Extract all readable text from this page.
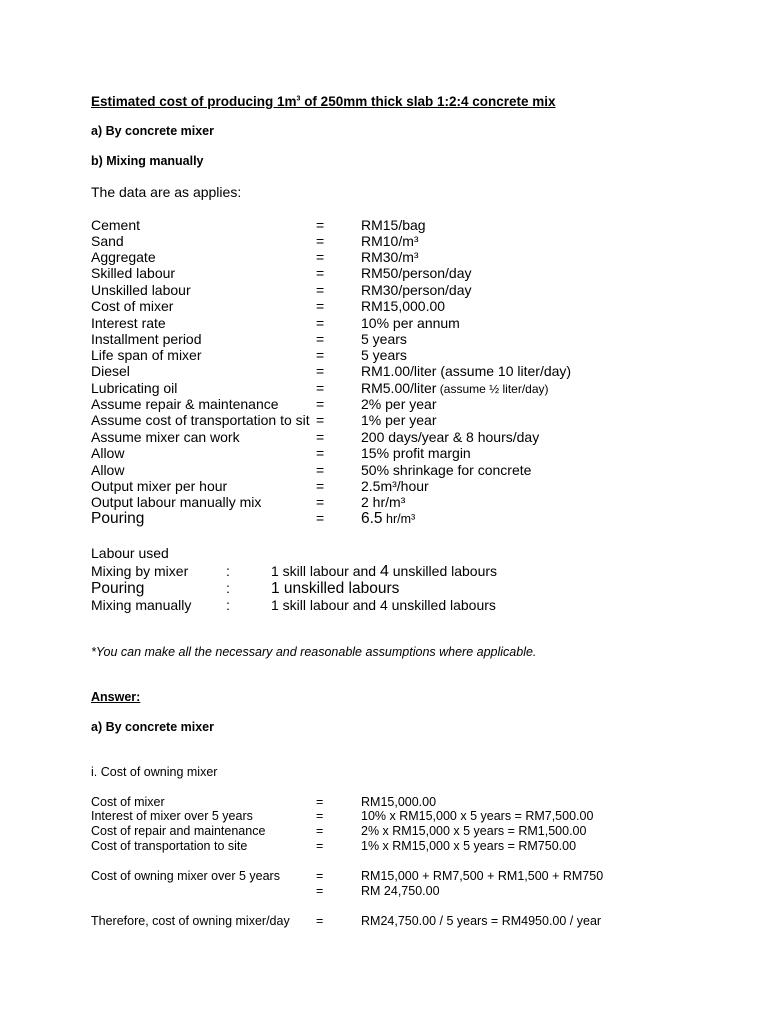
Estimated cost of producing $1m^3$ of 250mm thick slab 1:2:4 concrete mix
a) By concrete mixer
b) Mixing manually
The data are as applies:
Cement	=	RM15/bag
Sand	=	RM10/m³
Aggregate	=	RM30/m³
Skilled labour	=	RM50/person/day
Unskilled labour	=	RM30/person/day
Cost of mixer	=	RM15,000.00
Interest rate	=	10% per annum
Installment period	=	5 years
Life span of mixer	=	5 years
Diesel	=	RM1.00/liter (assume 10 liter/day)
Lubricating oil	=	RM5.00/liter (assume ½ liter/day)
Assume repair & maintenance	=	2% per year
Assume cost of transportation to sit =	1% per year
Assume mixer can work	=	200 days/year & 8 hours/day
Allow	=	15% profit margin
Allow	=	50% shrinkage for concrete
Output mixer per hour	=	2.5m³/hour
Output labour manually mix	=	2 hr/m³
Pouring	= 6.5 hr/m³
Labour used
Mixing by mixer	:	1 skill labour and 4 unskilled labours
Pouring	:	1 unskilled labours
Mixing manually :	1 skill labour and 4 unskilled labours
*You can make all the necessary and reasonable assumptions where applicable.
Answer:
a) By concrete mixer
i. Cost of owning mixer
Cost of mixer	=	RM15,000.00
Interest of mixer over 5 years	=	10% x RM15,000 x 5 years = RM7,500.00
Cost of repair and maintenance	=	2% x RM15,000 x 5 years = RM1,500.00
Cost of transportation to site	=	1% x RM15,000 x 5 years = RM750.00
Cost of owning mixer over 5 years	=	RM15,000 + RM7,500 + RM1,500 + RM750
=	RM 24,750.00
Therefore, cost of owning mixer/day =	RM24,750.00 / 5 years = RM4950.00 / year
